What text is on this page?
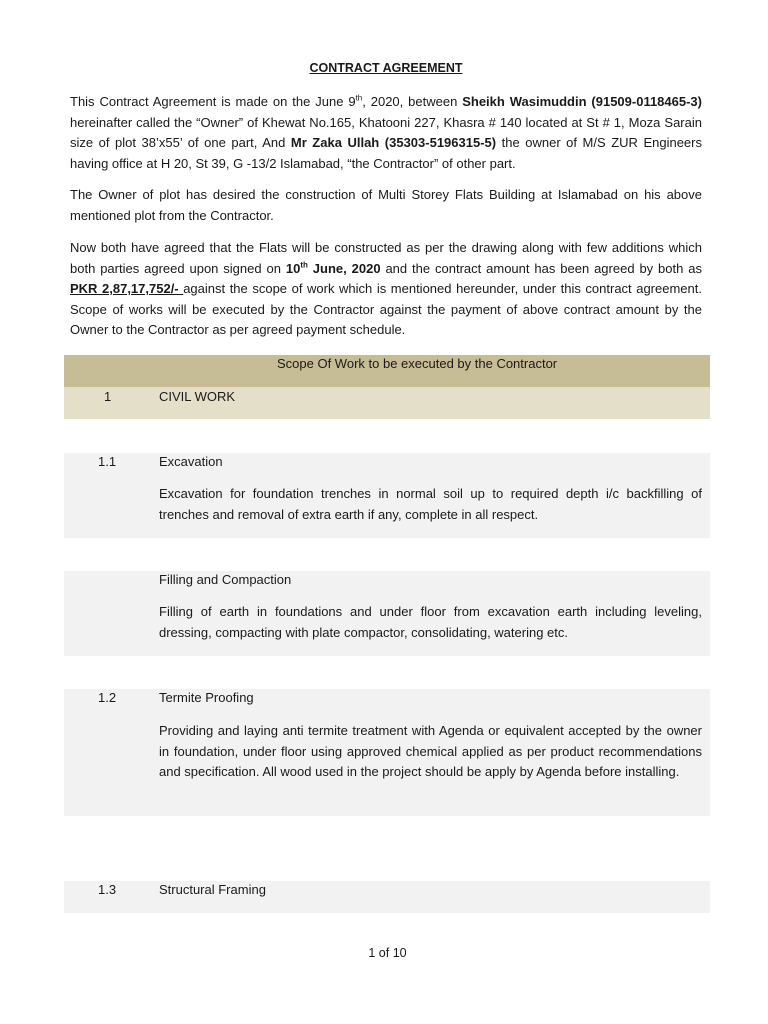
CONTRACT AGREEMENT

This Contract Agreement is made on the June 9th, 2020, between Sheikh Wasimuddin (91509-0118465-3) hereinafter called the “Owner” of Khewat No.165, Khatooni 227, Khasra # 140 located at St # 1, Moza Sarain size of plot 38’x55’ of one part, And Mr Zaka Ullah (35303-5196315-5) the owner of M/S ZUR Engineers having office at H 20, St 39, G -13/2 Islamabad, “the Contractor” of other part.

The Owner of plot has desired the construction of Multi Storey Flats Building at Islamabad on his above mentioned plot from the Contractor.

Now both have agreed that the Flats will be constructed as per the drawing along with few additions which both parties agreed upon signed on 10th June, 2020 and the contract amount has been agreed by both as PKR 2,87,17,752/- against the scope of work which is mentioned hereunder, under this contract agreement. Scope of works will be executed by the Contractor against the payment of above contract amount by the Owner to the Contractor as per agreed payment schedule.

Scope Of Work to be executed by the Contractor
1	CIVIL WORK
1.1	Excavation

Excavation for foundation trenches in normal soil up to required depth i/c backfilling of trenches and removal of extra earth if any, complete in all respect.

Filling and Compaction

Filling of earth in foundations and under floor from excavation earth including leveling, dressing, compacting with plate compactor, consolidating, watering etc.

1.2	Termite Proofing

Providing and laying anti termite treatment with Agenda or equivalent accepted by the owner in foundation, under floor using approved chemical applied as per product recommendations and specification. All wood used in the project should be apply by Agenda before installing.

1.3	Structural Framing
1 of 10
